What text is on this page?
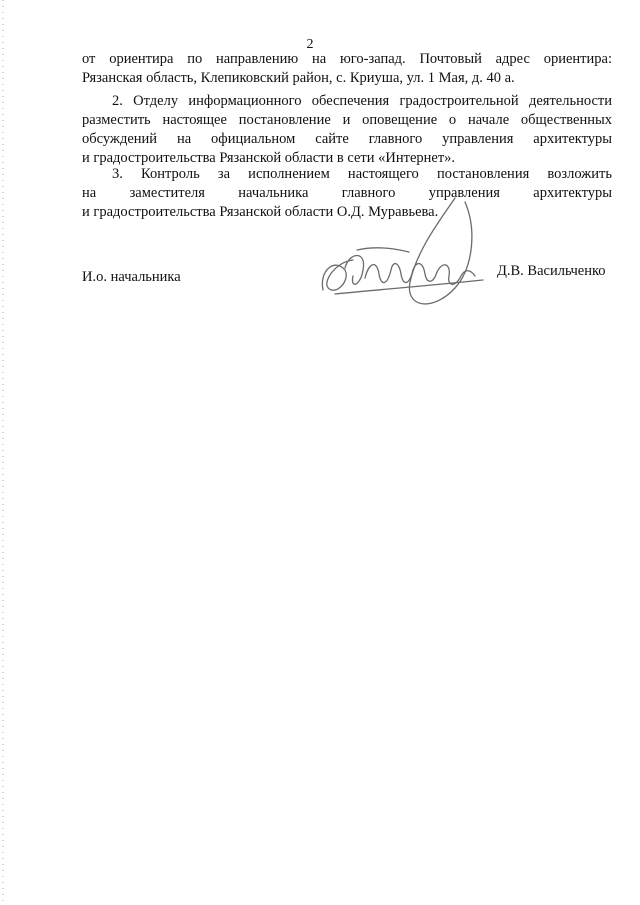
2
от ориентира по направлению на юго-запад. Почтовый адрес ориентира:
Рязанская область, Клепиковский район, с. Криуша, ул. 1 Мая, д. 40 а.
2. Отделу информационного обеспечения градостроительной деятельности
разместить настоящее постановление и оповещение о начале общественных
обсуждений на официальном сайте главного управления архитектуры
и градостроительства Рязанской области в сети «Интернет».
3. Контроль за исполнением настоящего постановления возложить
на заместителя начальника главного управления архитектуры
и градостроительства Рязанской области О.Д. Муравьева.
И.о. начальника	Д.В. Васильченко
